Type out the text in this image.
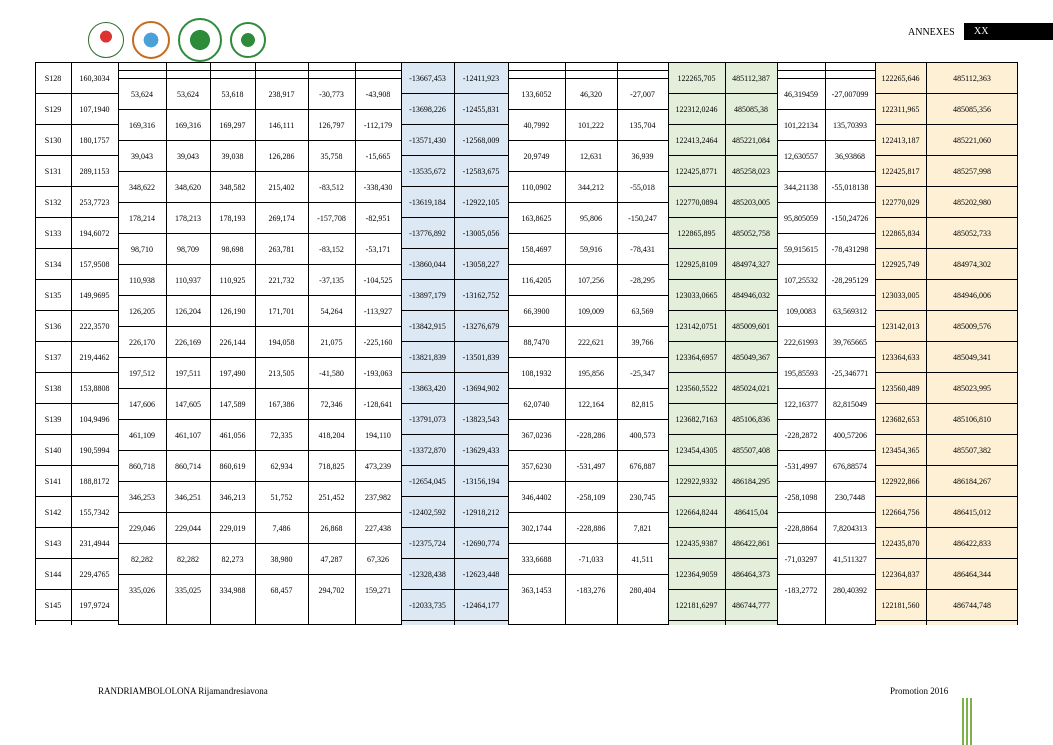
ANNEXES	XX
S128	160,3034	-13667,453	-12411,923	122265,705	485112,387	122265,646	485112,363
53,624	53,624	53,618	238,917	-30,773	-43,908	133,6052	46,320	-27,007	46,319459	-27,007099
S129	107,1940	-13698,226	-12455,831	122312,0246	485085,38	122311,965	485085,356
169,316	169,316	169,297	146,111	126,797	-112,179	40,7992	101,222	135,704	101,22134	135,70393
S130	180,1757	-13571,430	-12568,009	122413,2464	485221,084	122413,187	485221,060
39,043	39,043	39,038	126,286	35,758	-15,665	20,9749	12,631	36,939	12,630557	36,93868
S131	289,1153	-13535,672	-12583,675	122425,8771	485258,023	122425,817	485257,998
348,622	348,620	348,582	215,402	-83,512	-338,430	110,0902	344,212	-55,018	344,21138	-55,018138
S132	253,7723	-13619,184	-12922,105	122770,0894	485203,005	122770,029	485202,980
178,214	178,213	178,193	269,174	-157,708	-82,951	163,8625	95,806	-150,247	95,805059	-150,24726
S133	194,6072	-13776,892	-13005,056	122865,895	485052,758	122865,834	485052,733
98,710	98,709	98,698	263,781	-83,152	-53,171	158,4697	59,916	-78,431	59,915615	-78,431298
S134	157,9508	-13860,044	-13058,227	122925,8109	484974,327	122925,749	484974,302
110,938	110,937	110,925	221,732	-37,135	-104,525	116,4205	107,256	-28,295	107,25532	-28,295129
S135	149,9695	-13897,179	-13162,752	123033,0665	484946,032	123033,005	484946,006
126,205	126,204	126,190	171,701	54,264	-113,927	66,3900	109,009	63,569	109,0083	63,569312
S136	222,3570	-13842,915	-13276,679	123142,0751	485009,601	123142,013	485009,576
226,170	226,169	226,144	194,058	21,075	-225,160	88,7470	222,621	39,766	222,61993	39,765665
S137	219,4462	-13821,839	-13501,839	123364,6957	485049,367	123364,633	485049,341
197,512	197,511	197,490	213,505	-41,580	-193,063	108,1932	195,856	-25,347	195,85593	-25,346771
S138	153,8808	-13863,420	-13694,902	123560,5522	485024,021	123560,489	485023,995
147,606	147,605	147,589	167,386	72,346	-128,641	62,0740	122,164	82,815	122,16377	82,815049
S139	104,9496	-13791,073	-13823,543	123682,7163	485106,836	123682,653	485106,810
461,109	461,107	461,056	72,335	418,204	194,110	367,0236	-228,286	400,573	-228,2872	400,57206
S140	190,5994	-13372,870	-13629,433	123454,4305	485507,408	123454,365	485507,382
860,718	860,714	860,619	62,934	718,825	473,239	357,6230	-531,497	676,887	-531,4997	676,88574
S141	188,8172	-12654,045	-13156,194	122922,9332	486184,295	122922,866	486184,267
346,253	346,251	346,213	51,752	251,452	237,982	346,4402	-258,109	230,745	-258,1098	230,7448
S142	155,7342	-12402,592	-12918,212	122664,8244	486415,04	122664,756	486415,012
229,046	229,044	229,019	7,486	26,868	227,438	302,1744	-228,886	7,821	-228,8864	7,8204313
S143	231,4944	-12375,724	-12690,774	122435,9387	486422,861	122435,870	486422,833
82,282	82,282	82,273	38,980	47,287	67,326	333,6688	-71,033	41,511	-71,03297	41,511327
S144	229,4765	-12328,438	-12623,448	122364,9059	486464,373	122364,837	486464,344
335,026	335,025	334,988	68,457	294,702	159,271	363,1453	-183,276	280,404	-183,2772	280,40392
S145	197,9724	-12033,735	-12464,177	122181,6297	486744,777	122181,560	486744,748
RANDRIAMBOLOLONA Rijamandresiavona	Promotion 2016
